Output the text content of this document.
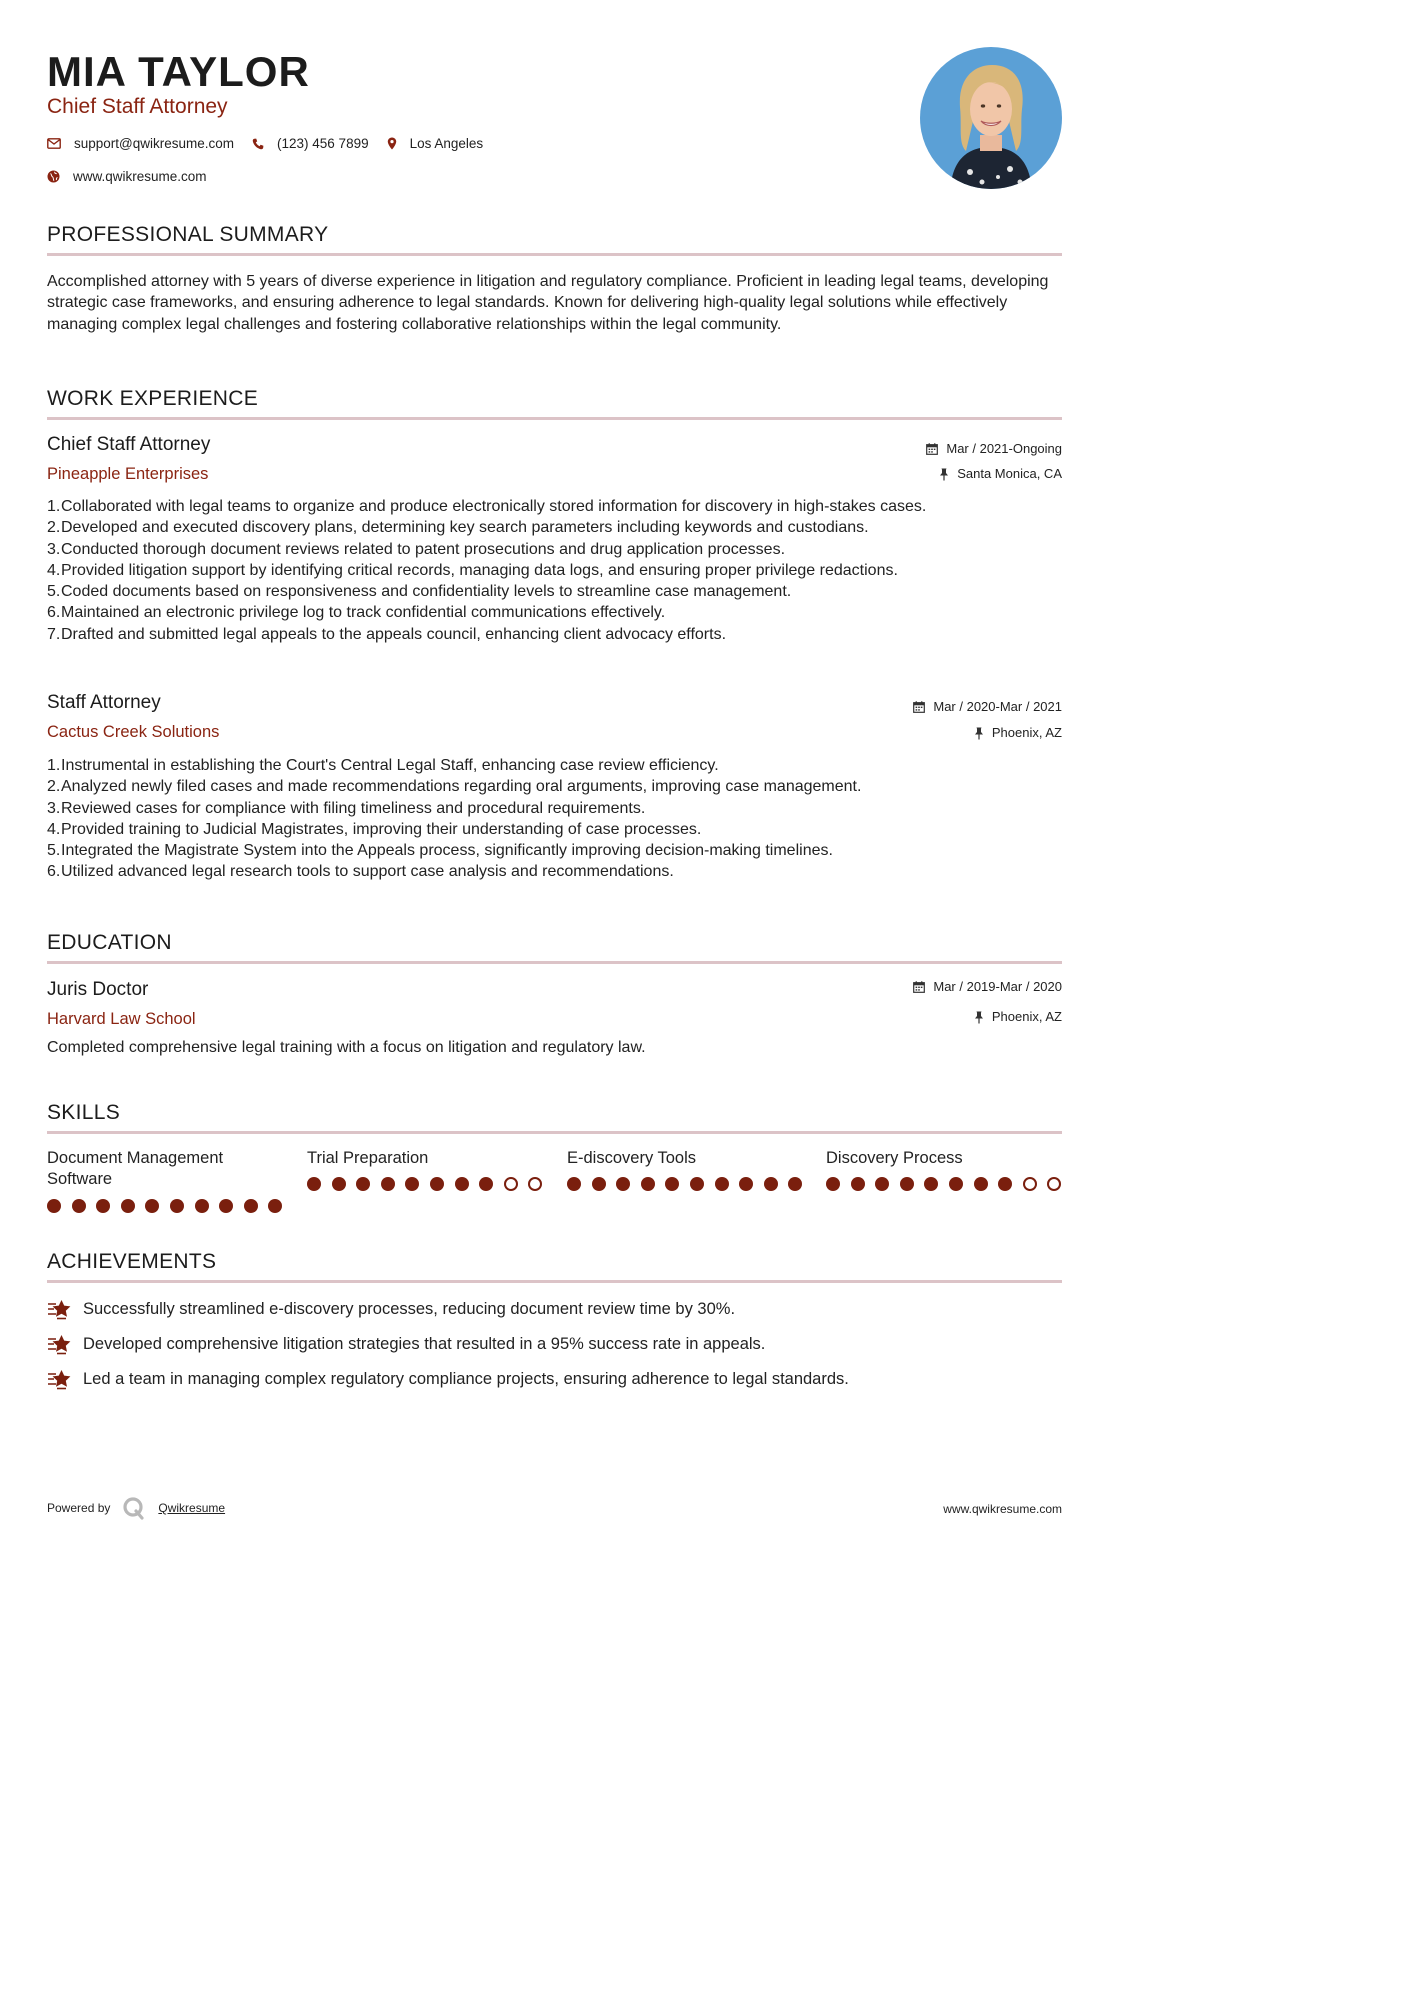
MIA TAYLOR
Chief Staff Attorney
support@qwikresume.com	(123) 456 7899	Los Angeles
www.qwikresume.com
PROFESSIONAL SUMMARY

Accomplished attorney with 5 years of diverse experience in litigation and regulatory compliance. Proficient in leading legal teams, developing strategic case frameworks, and ensuring adherence to legal standards. Known for delivering high-quality legal solutions while effectively managing complex legal challenges and fostering collaborative relationships within the legal community.

WORK EXPERIENCE
Chief Staff Attorney
Pineapple Enterprises
Mar / 2021-Ongoing
Santa Monica, CA
1. Collaborated with legal teams to organize and produce electronically stored information for discovery in high-stakes cases.
2. Developed and executed discovery plans, determining key search parameters including keywords and custodians.
3. Conducted thorough document reviews related to patent prosecutions and drug application processes.
4. Provided litigation support by identifying critical records, managing data logs, and ensuring proper privilege redactions.
5. Coded documents based on responsiveness and confidentiality levels to streamline case management.
6. Maintained an electronic privilege log to track confidential communications effectively.
7. Drafted and submitted legal appeals to the appeals council, enhancing client advocacy efforts.
Staff Attorney
Cactus Creek Solutions
Mar / 2020-Mar / 2021
Phoenix, AZ
1. Instrumental in establishing the Court's Central Legal Staff, enhancing case review efficiency.
2. Analyzed newly filed cases and made recommendations regarding oral arguments, improving case management.
3. Reviewed cases for compliance with filing timeliness and procedural requirements.
4. Provided training to Judicial Magistrates, improving their understanding of case processes.
5. Integrated the Magistrate System into the Appeals process, significantly improving decision-making timelines.
6. Utilized advanced legal research tools to support case analysis and recommendations.
EDUCATION
Juris Doctor
Harvard Law School
Mar / 2019-Mar / 2020
Phoenix, AZ

Completed comprehensive legal training with a focus on litigation and regulatory law.

SKILLS
Document Management Software
Trial Preparation	E-discovery Tools	Discovery Process
ACHIEVEMENTS
Successfully streamlined e-discovery processes, reducing document review time by 30%.
Developed comprehensive litigation strategies that resulted in a 95% success rate in appeals.
Led a team in managing complex regulatory compliance projects, ensuring adherence to legal standards.
Powered by	Qwikresume	www.qwikresume.com
